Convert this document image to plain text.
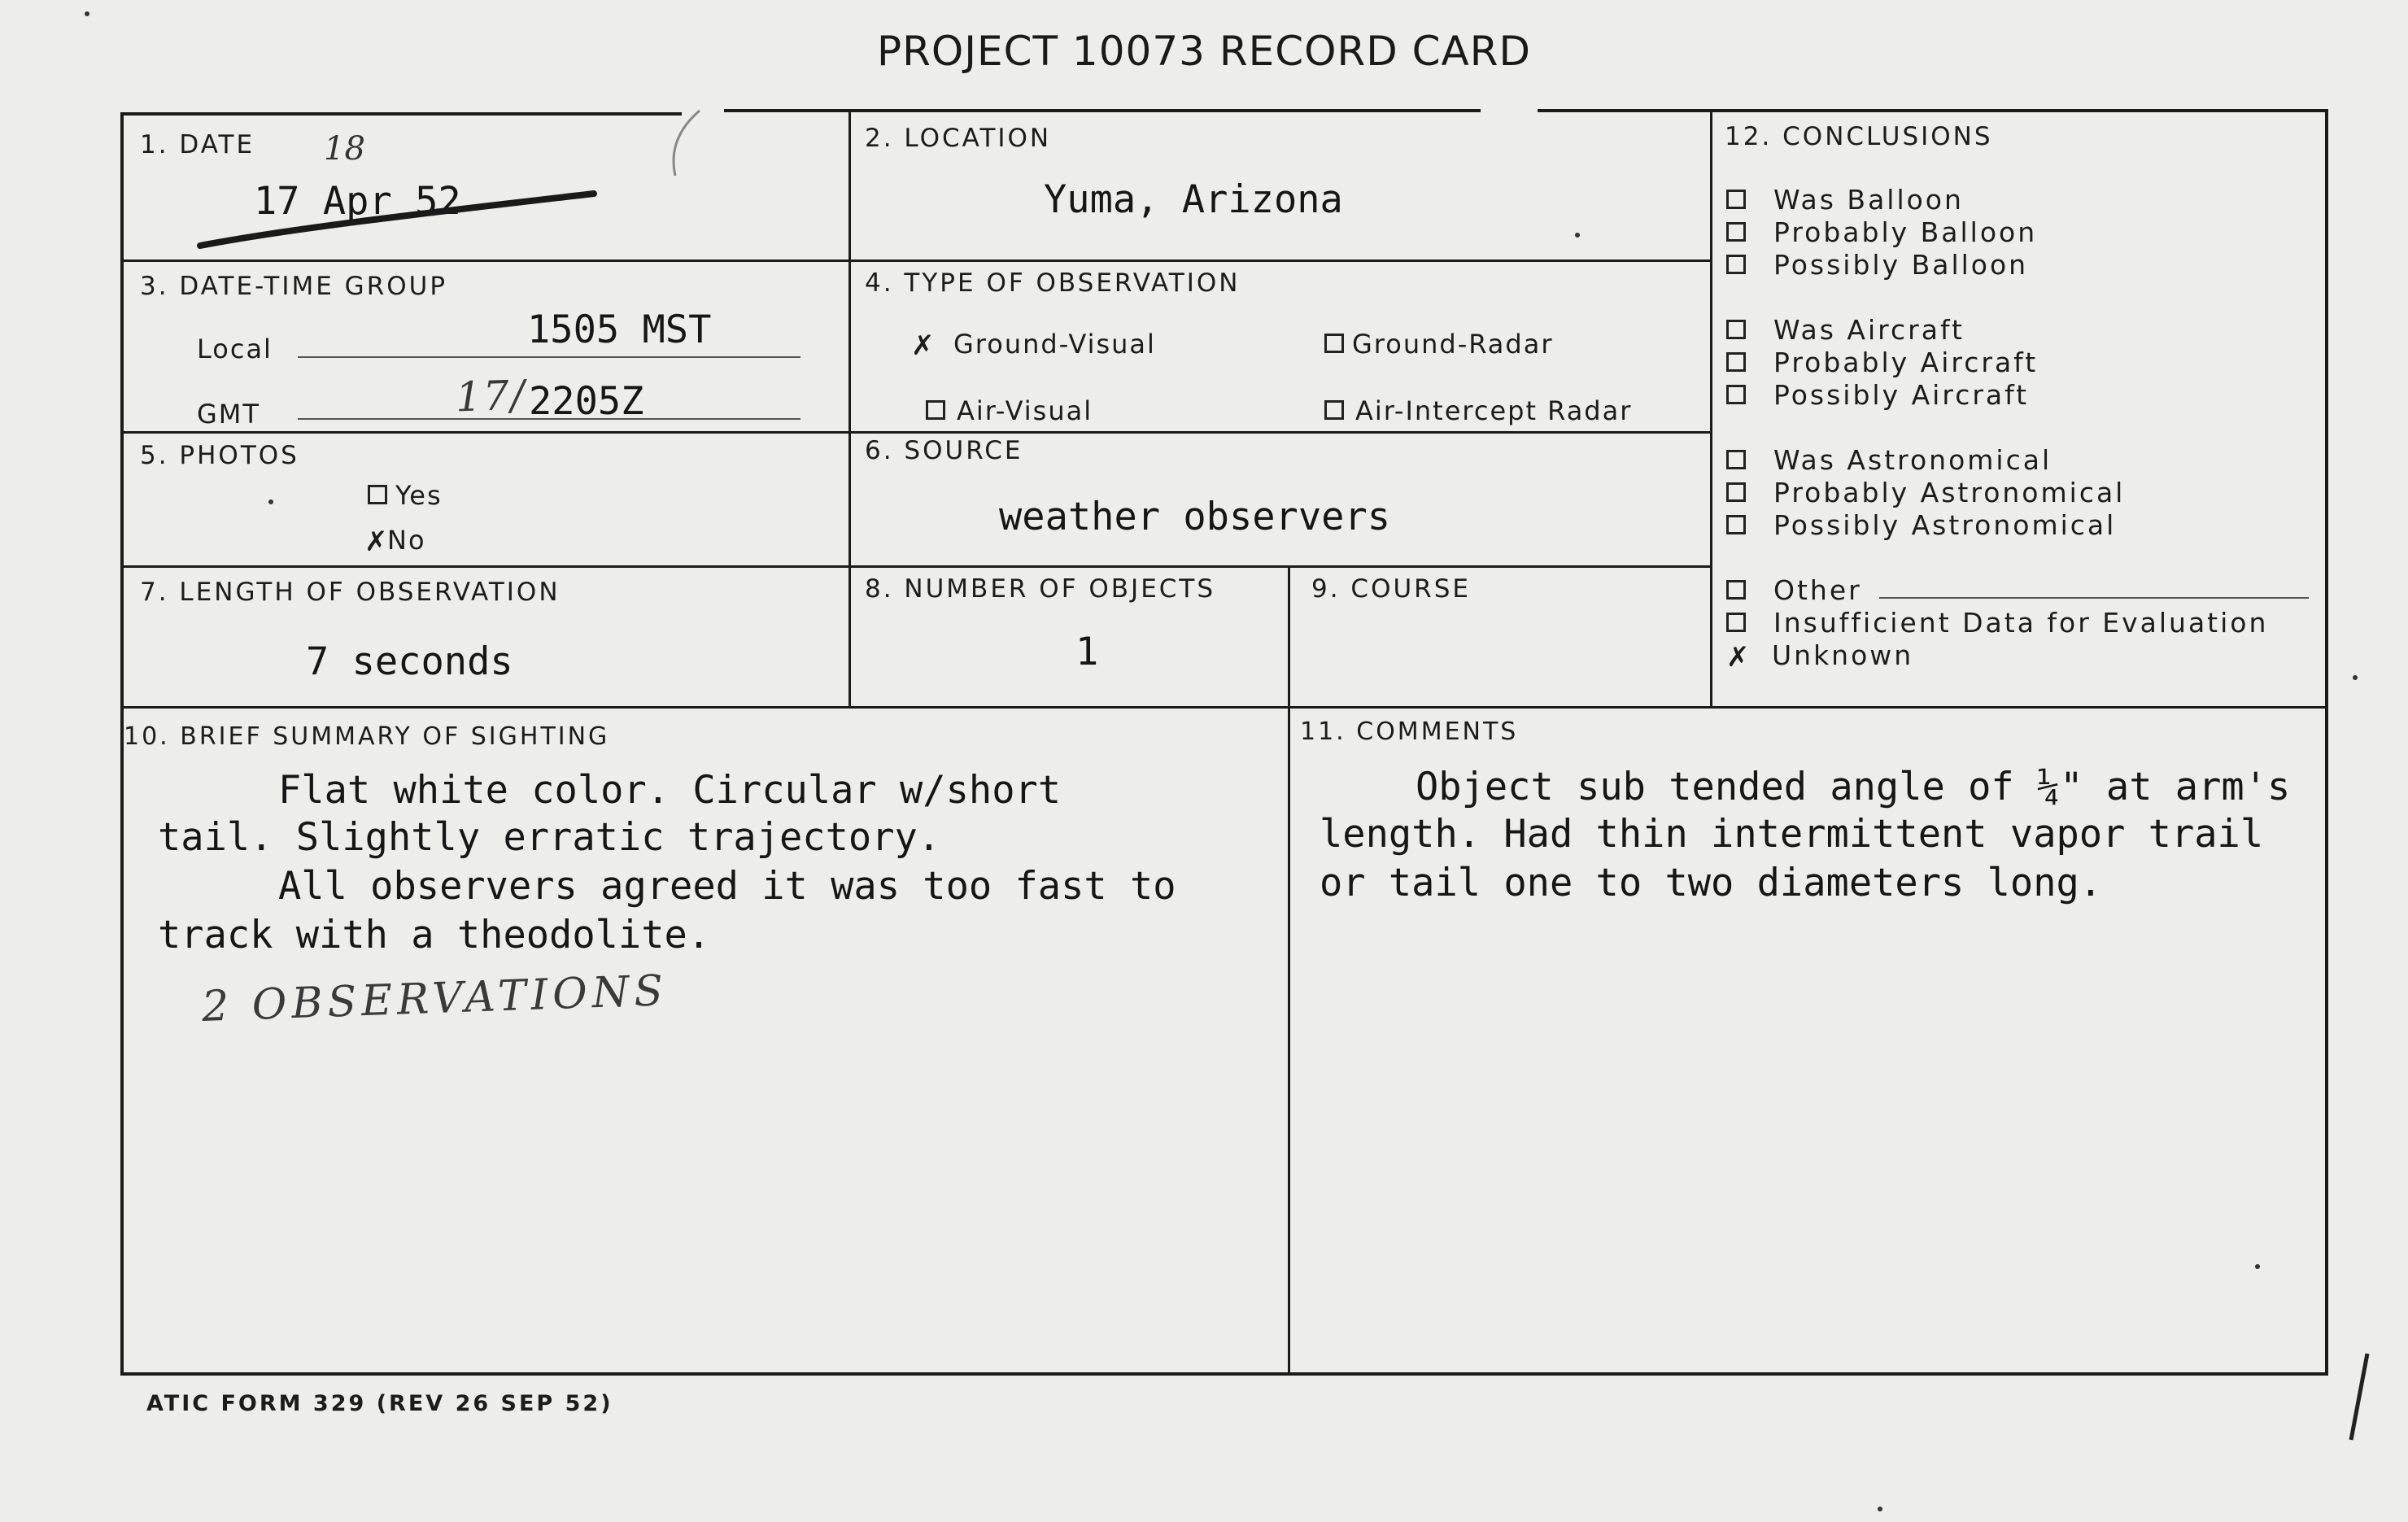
PROJECT 10073 RECORD CARD
1. DATE 18
17 Apr 52
2. LOCATION
Yuma, Arizona
3. DATE-TIME GROUP
Local	1505 MST
GMT	17/ 2205Z
4. TYPE OF OBSERVATION
✗ Ground-Visual	Ground-Radar
Air-Visual	Air-Intercept Radar
5. PHOTOS
Yes
✗No
6. SOURCE
weather observers
7. LENGTH OF OBSERVATION
7 seconds
8. NUMBER OF OBJECTS
1
9. COURSE
12. CONCLUSIONS
Was Balloon
Probably Balloon
Possibly Balloon
Was Aircraft
Probably Aircraft
Possibly Aircraft
Was Astronomical
Probably Astronomical
Possibly Astronomical
Other
Insufficient Data for Evaluation
✗ Unknown
10. BRIEF SUMMARY OF SIGHTING
Flat white color. Circular w/short
tail. Slightly erratic trajectory.
All observers agreed it was too fast to
track with a theodolite.
2 OBSERVATIONS
11. COMMENTS
Object sub tended angle of ¼" at arm's
length. Had thin intermittent vapor trail
or tail one to two diameters long.
ATIC FORM 329 (REV 26 SEP 52)
